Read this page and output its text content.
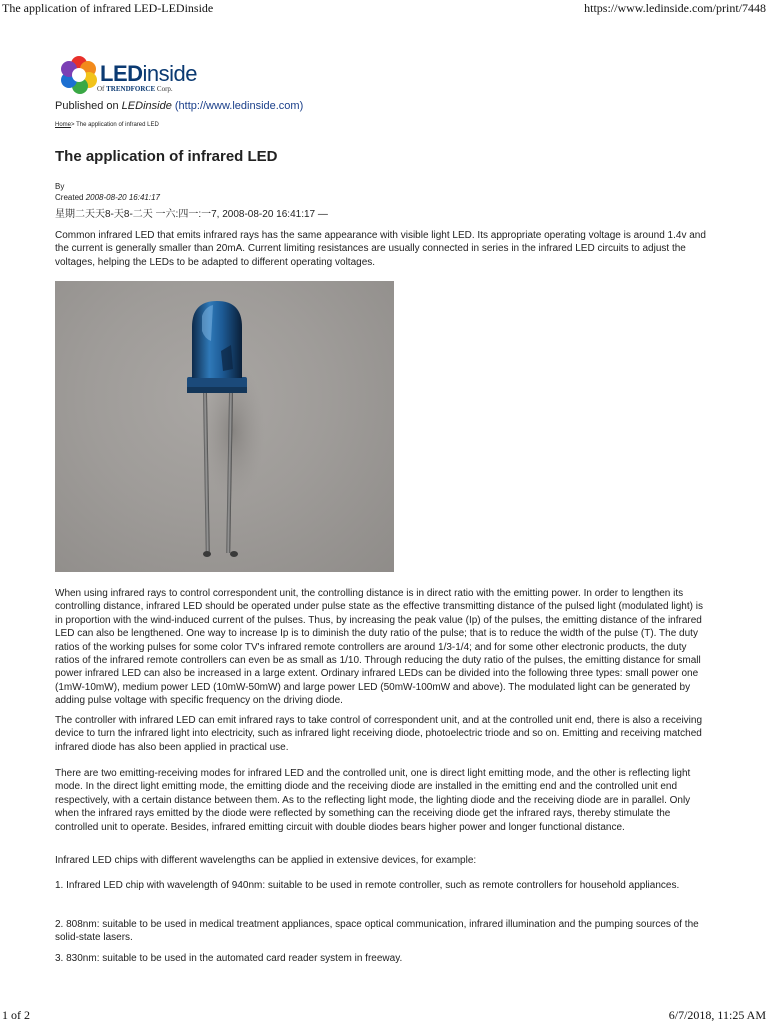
The application of infrared LED-LEDinside	https://www.ledinside.com/print/7448
LEDinside
Of TRENDFORCE Corp.
Published on LEDinside (http://www.ledinside.com)
Home> The application of infrared LED
The application of infrared LED
By
Created 2008-08-20 16:41:17
星期二天天8-天8-二天 一六:四一:一7, 2008-08-20 16:41:17 —

Common infrared LED that emits infrared rays has the same appearance with visible light LED. Its appropriate operating voltage is around 1.4v and the current is generally smaller than 20mA. Current limiting resistances are usually connected in series in the infrared LED circuits to adjust the voltages, helping the LEDs to be adapted to different operating voltages.

When using infrared rays to control correspondent unit, the controlling distance is in direct ratio with the emitting power. In order to lengthen its controlling distance, infrared LED should be operated under pulse state as the effective transmitting distance of the pulsed light (modulated light) is in proportion with the wind-induced current of the pulses. Thus, by increasing the peak value (Ip) of the pulses, the emitting distance of the infrared LED can also be lengthened. One way to increase Ip is to diminish the duty ratio of the pulse; that is to reduce the width of the pulse (T). The duty ratios of the working pulses for some color TV's infrared remote controllers are around 1/3-1/4; and for some other electronic products, the duty ratios of the infrared remote controllers can even be as small as 1/10. Through reducing the duty ratio of the pulses, the emitting distance for small power infrared LED can also be increased in a large extent. Ordinary infrared LEDs can be divided into the following three types: small power one (1mW-10mW), medium power LED (10mW-50mW) and large power LED (50mW-100mW and above). The modulated light can be generated by adding pulse voltage with specific frequency on the driving diode.

The controller with infrared LED can emit infrared rays to take control of correspondent unit, and at the controlled unit end, there is also a receiving device to turn the infrared light into electricity, such as infrared light receiving diode, photoelectric triode and so on. Emitting and receiving matched infrared diode has also been applied in practical use.

There are two emitting-receiving modes for infrared LED and the controlled unit, one is direct light emitting mode, and the other is reflecting light mode. In the direct light emitting mode, the emitting diode and the receiving diode are installed in the emitting end and the controlled unit end respectively, with a certain distance between them. As to the reflecting light mode, the lighting diode and the receiving diode are in parallel. Only when the infrared rays emitted by the diode were reflected by something can the receiving diode get the infrared rays, thereby stimulate the controlled unit to operate. Besides, infrared emitting circuit with double diodes bears higher power and longer functional distance.

Infrared LED chips with different wavelengths can be applied in extensive devices, for example:

1. Infrared LED chip with wavelength of 940nm: suitable to be used in remote controller, such as remote controllers for household appliances.

2. 808nm: suitable to be used in medical treatment appliances, space optical communication, infrared illumination and the pumping sources of the solid-state lasers.

3. 830nm: suitable to be used in the automated card reader system in freeway.

1 of 2	6/7/2018, 11:25 AM
